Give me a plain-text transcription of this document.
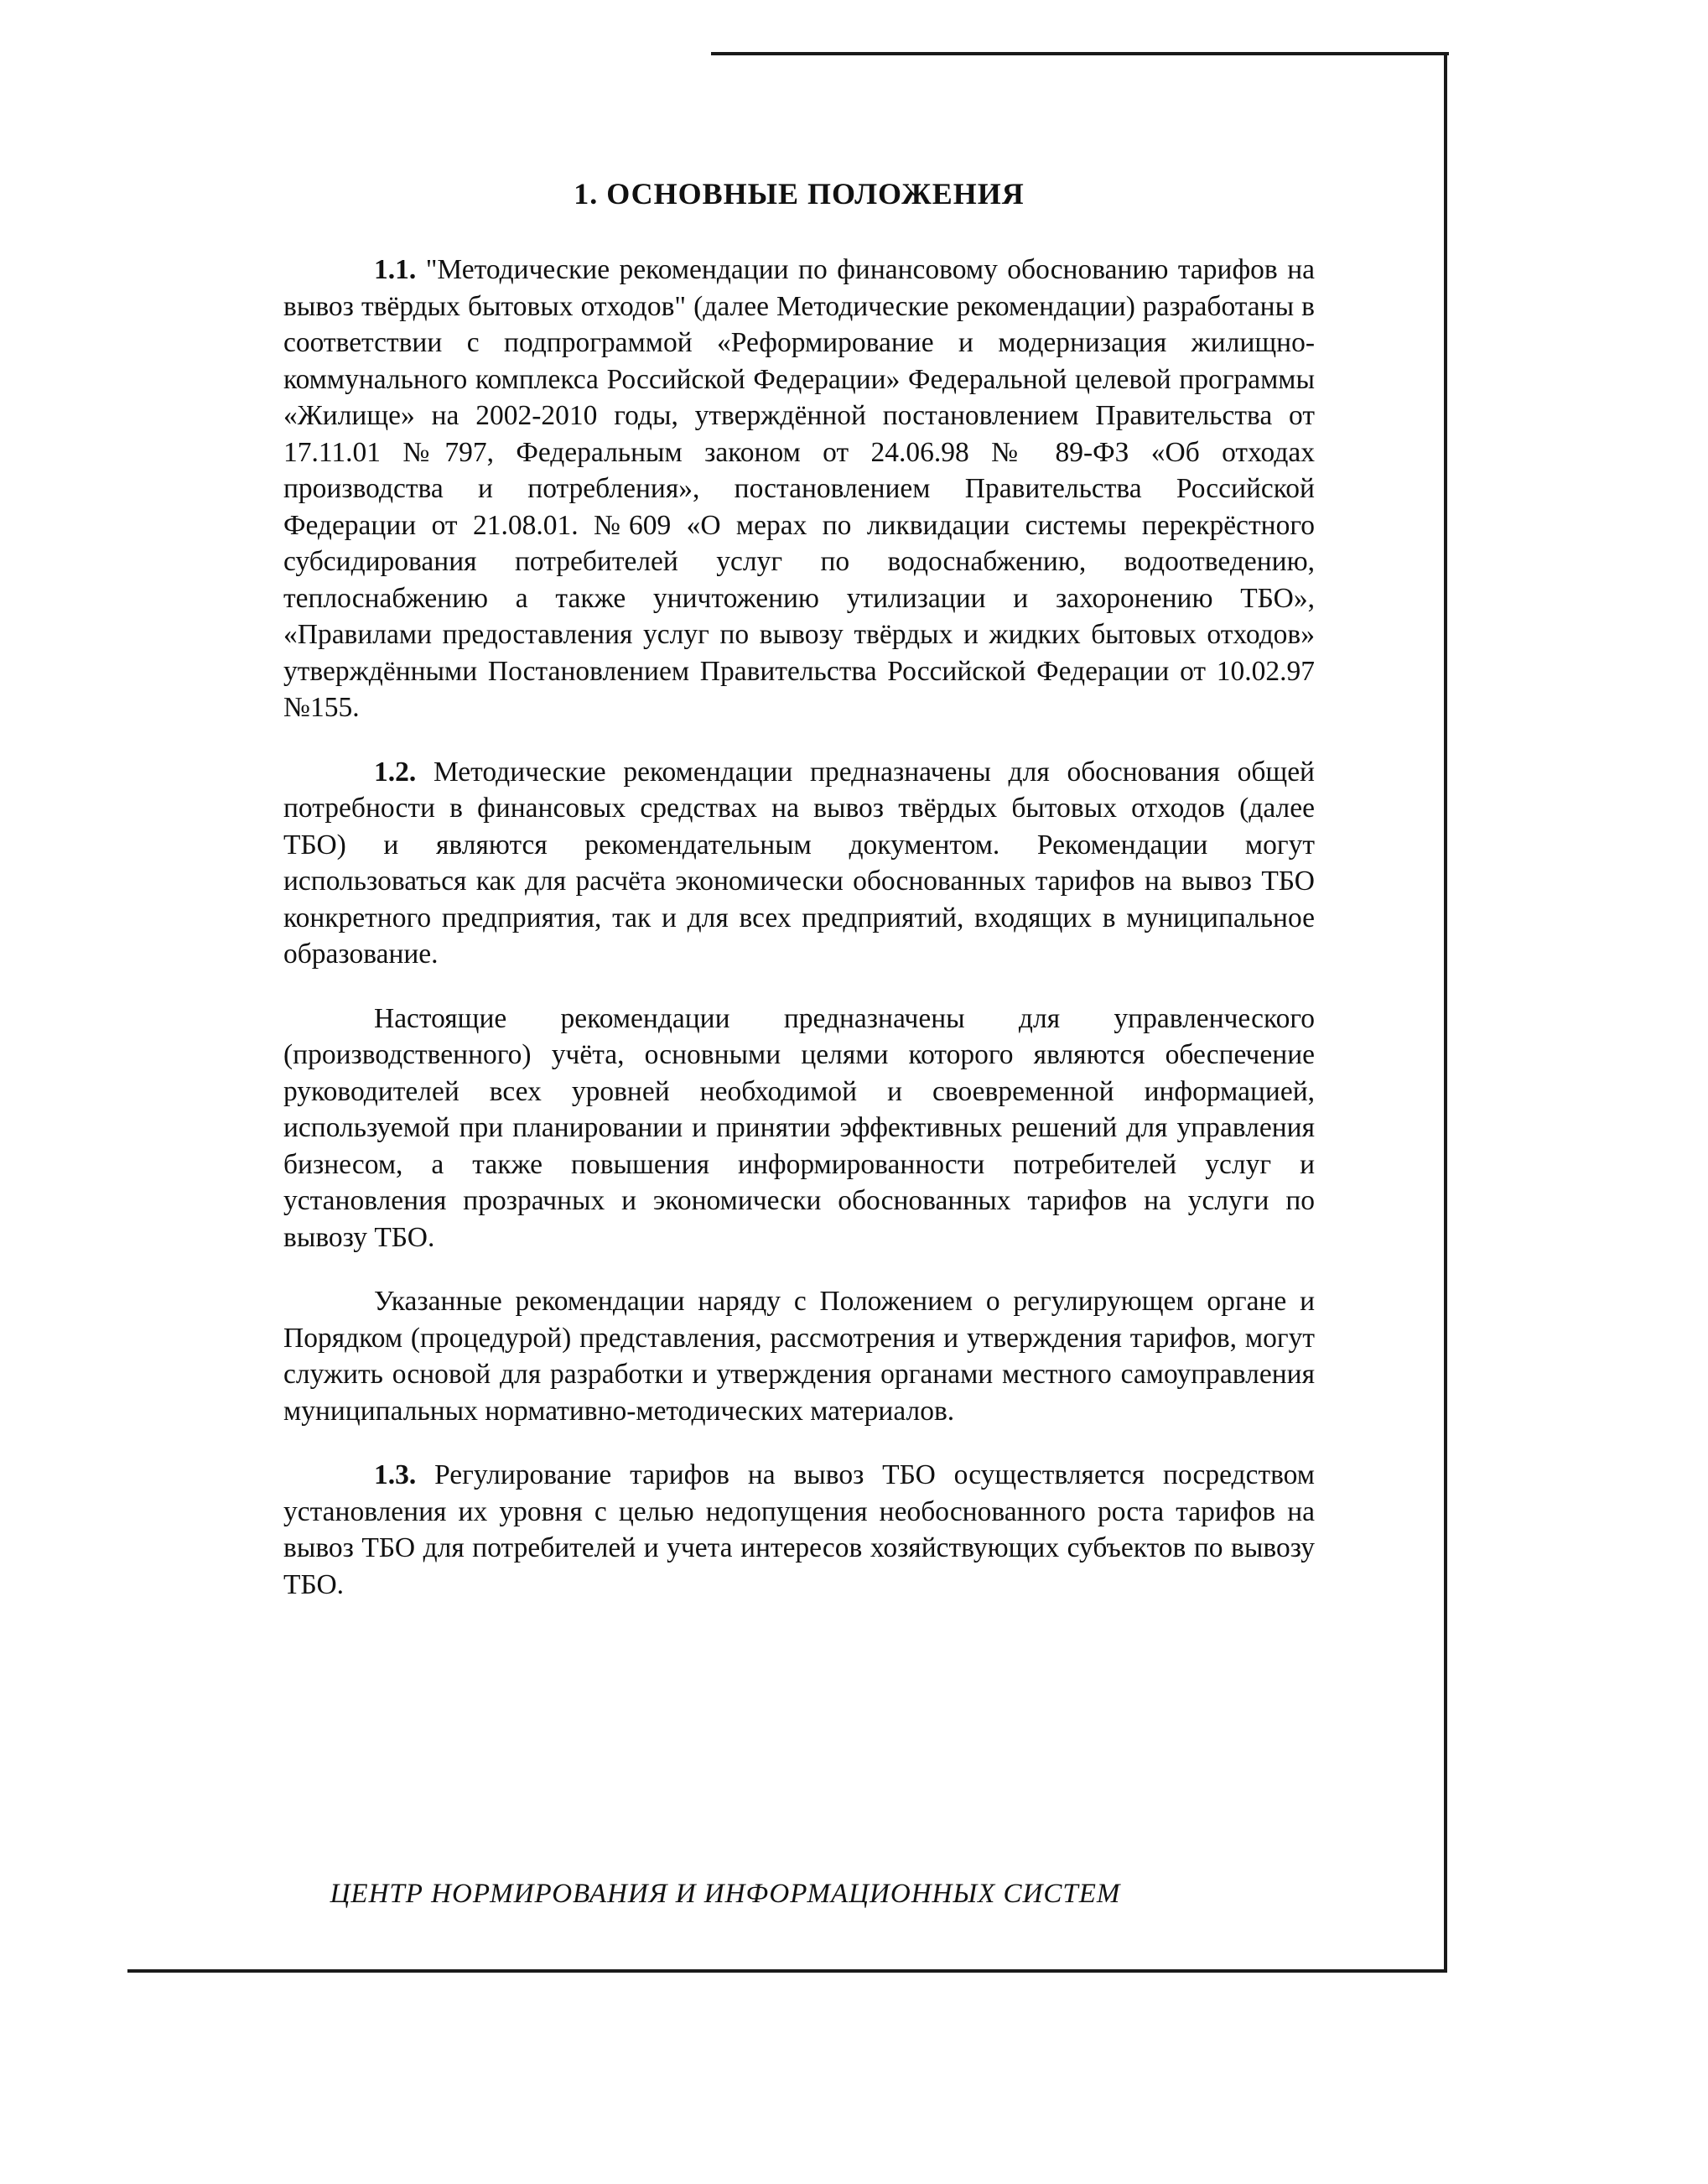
1. ОСНОВНЫЕ ПОЛОЖЕНИЯ

1.1. "Методические рекомендации по финансовому обоснованию тарифов на вывоз твёрдых бытовых отходов" (далее Методические рекомендации) разработаны в соответствии с подпрограммой «Реформирование и модернизация жилищно-коммунального комплекса Российской Федерации» Федеральной целевой программы «Жилище» на 2002-2010 годы, утверждённой постановлением Правительства от 17.11.01 №797, Федеральным законом от 24.06.98 № 89-ФЗ «Об отходах производства и потребления», постановлением Правительства Российской Федерации от 21.08.01. №609 «О мерах по ликвидации системы перекрёстного субсидирования потребителей услуг по водоснабжению, водоотведению, теплоснабжению а также уничтожению утилизации и захоронению ТБО», «Правилами предоставления услуг по вывозу твёрдых и жидких бытовых отходов» утверждёнными Постановлением Правительства Российской Федерации от 10.02.97 №155.

1.2. Методические рекомендации предназначены для обоснования общей потребности в финансовых средствах на вывоз твёрдых бытовых отходов (далее ТБО) и являются рекомендательным документом. Рекомендации могут использоваться как для расчёта экономически обоснованных тарифов на вывоз ТБО конкретного предприятия, так и для всех предприятий, входящих в муниципальное образование.

Настоящие рекомендации предназначены для управленческого (производственного) учёта, основными целями которого являются обеспечение руководителей всех уровней необходимой и своевременной информацией, используемой при планировании и принятии эффективных решений для управления бизнесом, а также повышения информированности потребителей услуг и установления прозрачных и экономически обоснованных тарифов на услуги по вывозу ТБО.

Указанные рекомендации наряду с Положением о регулирующем органе и Порядком (процедурой) представления, рассмотрения и утверждения тарифов, могут служить основой для разработки и утверждения органами местного самоуправления муниципальных нормативно-методических материалов.

1.3. Регулирование тарифов на вывоз ТБО осуществляется посредством установления их уровня с целью недопущения необоснованного роста тарифов на вывоз ТБО для потребителей и учета интересов хозяйствующих субъектов по вывозу ТБО.

ЦЕНТР НОРМИРОВАНИЯ И ИНФОРМАЦИОННЫХ СИСТЕМ
